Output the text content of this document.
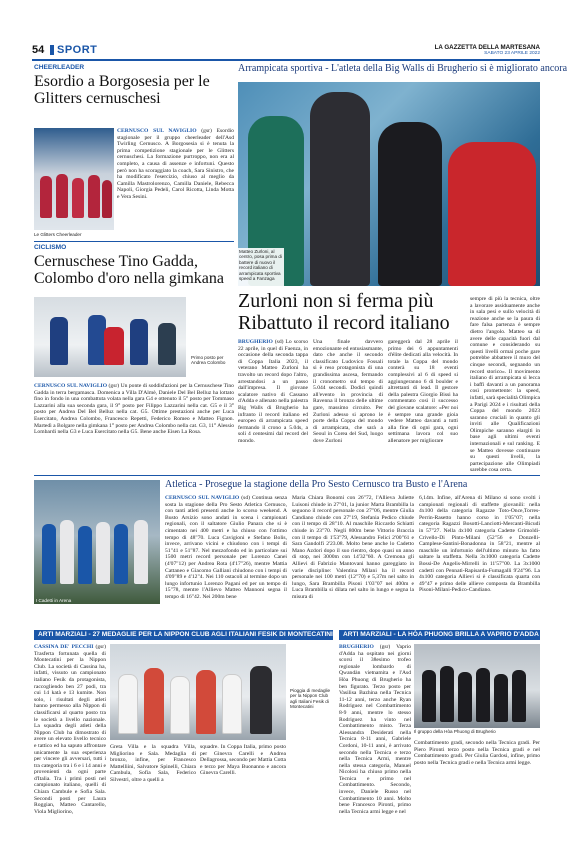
54 SPORT	LA GAZZETTA DELLA MARTESANA
SABATO 23 APRILE 2022
CHEERLEADER
Esordio a Borgosesia per le Glitters cernuschesi
Le Glitters Cheerleader
CERNUSCO SUL NAVIGLIO (gsr) Esordio stagionale per il gruppo cheerleader dell'Asd Twirling Cernusco. A Borgosesia si è tenuta la prima competizione stagionale per le Glitters cernuschesi. La formazione purtroppo, non era al completo, a causa di assenze e infortuni. Questo però non ha scoraggiato la coach, Sara Sinistro, che ha modificato l'esercizio, chiuso al meglio da Camilla Mastrolorenzo, Camilla Daniele, Rebecca Napoli, Giorgia Pedeli, Carol Ricotta, Linda Motta e Vera Sesini.
CICLISMO
Cernuschese Tino Gadda, Colombo d'oro nella gimkana
Primo posto per Andrea Colombo
CERNUSCO SUL NAVIGLIO (gsr) Un ponte di soddisfazioni per la Cernuschese Tino Gadda in terra bergamasca. Domenica a Villa D'Almè, Daniele Del Bel Belluz ha lottato fino in fondo in una combattuta volata nella gara G4 e ottenuto il 5° posto per Tommaso Lazzarini alla sua seconda gara, il 9° posto per Filippo Lazzarini nella cat. G5 e il 3° posto per Andrea Del Bel Belluz nella cat. G5. Ottime prestazioni anche per Luca Esercitato, Andrea Colombo, Francesco Repetti, Federico Romeo e Matteo Fignon. Martedì a Bolgare nella gimkana 1° posto per Andrea Colombo nella cat. G3, 11° Alessio Lombardi nella G3 e Luca Esercitato nella G5. Bene anche Eisen La Rosa.
Arrampicata sportiva - L'atleta della Big Walls di Brugherio si è migliorato ancora
Matteo Zurloni, al centro, posa prima di battere di nuovo il record italiano di arrampicata sportiva speed a Fanzaga
Zurloni non si ferma più
Ribattuto il record italiano
BRUGHERIO (sd) Lo scorso 22 aprile, in quel di Faenza, in occasione della seconda tappa di Coppa Italia 2023, il veterano Matteo Zurloni ha travolto un record dopo l'altro, arrestandosi a un passo dall'impresa. Il giovane scalatore nativo di Cassano d'Adda e allenato nella palestra Big Walls di Brugherio ha infranto il record italiano ed europeo di arrampicata speed fermando il crono a 5.04s, a soli 4 centesimi dal record del mondo.
Una finale davvero emozionante ed entusiasmante, dato che anche il secondo classificato Ludovico Fossali si è reso protagonista di una grandissima ascesa, fermando il cronometro sul tempo di 5.044 secondi. Dodici quindi all'evento in provincia di Ravenna il bronzo delle ultime gare, massimo circuito. Per Zurloni adesso si aprono le porte della Coppa del mondo di arrampicata, che sarà a Seoul in Corea del Sud, luogo dove Zurloni
gareggerà dal 28 aprile il primo dei 6 appuntamenti d'élite dedicati alla velocità. In totale la Coppa del mondo conterà su 18 eventi complessivi al 6 di speed si aggiungeranno 6 di boulder e altrettanti di lead. Il gestore della palestra Giorgio Bissi ha commentato così il successo del giovane scalatore: «Per noi è sempre una grande gioia vedere Matteo davanti a tutti alla fine di ogni gara, ogni settimana lavora col suo allenatore per migliorare
sempre di più la tecnica, oltre a lavorare assiduamente anche in sala pesi e sullo velocità di reazione anche se la paura di fare falsa partenza è sempre dietro l'angolo. Matteo sa di avere delle capacità fuori dal comune e considerando su questi livelli ormai poche gare potrebbe abbattere il muro del cinque secondi, segnando un record storico». Il movimento italiano di arrampicata si lecca i baffi davanti a un panorama così promettente: la speed, infatti, sarà specialità Olimpica a Parigi 2024 e i risultati della Coppa del mondo 2023 saranno cruciali in quanto gli inviti alle Qualificazioni Olimpiche saranno elargiti in base agli ultimi eventi internazionali e sul ranking. E se Matteo dovesse continuare su questi livelli, la partecipazione alle Olimpiadi sarebbe cosa certa.
Atletica - Prosegue la stagione della Pro Sesto Cernusco tra Busto e l'Arena
I Cadetti in Arena
CERNUSCO SUL NAVIGLIO (sd) Continua senza sosta la stagione della Pro Sesto Atletica Cernusco, con tanti atleti presenti anche lo scorso weekend. A Busto Arsizio sono andati in scena i campionati regionali, con il saltatore Giulio Panara che si è cimentato nei 400 metri e ha chiuso con l'ottimo tempo di 48"70. Luca Cavigioni e Stefano Bolis, invece, arrivano vicini e chiudono con i tempi di 51"41 e 51"87. Nel mezzofondo ed in particolare sui 1500 metri record personale per Lorenzo Canei (4'07"12) per Andrea Rota (4'17"26), mentre Mattia Cattaneo e Giacomo Galliani chiudono con i tempi di 4'09"89 e 4'12"4. Nei 110 ostacoli al termine dopo un lungo infortunio Lorenzo Pagani ed per un tempo di 15"78, mentre l'Allievo Matteo Mannoni segna il tempo di 16"42. Nei 200m bene
Maria Chiara Bonomi con 26"72, l'Allieva Juliette Luisoni chiude in 27"01, la junior Marta Brambilla la seguono il record personale con 27"06, mentre Giulia Candiano chiude con 27"19, Stefania Pedico chiude con il tempo di 28"10. Al maschile Riccardo Schiatti chiude in 23"70. Negli 800m bene Vittorio Braccia con il tempo di 1'53"79, Alessandro Felici 2'00"61 e Sara Gandolfi 2'23.08. Molto bene anche lo Cadetto Mano Azdori dopo il suo rientro, dopo quasi un anno di stop, nei 3000m con 14'32"60. A Cremona gli Allievi di Fabrizio Mantovani hanno gareggiato in varie discipline: Valentina Milani ha il record personale nei 100 metri (12"70) e 5,37m nel salto in lungo, Sara Brambilla Pisoni 1'03"07 nei 400m e Luca Brambilla si dilata nel salto in lungo e segna la misura di
6,14m. Infine, all'Arena di Milano si sono svolti i campionati regionali di staffette giovanili: nella 4x100 della categoria Ragazze Toto-Once,Torres-Perrin-Rasetto hanno corso in 1'05"07; nella categoria Ragazzi Bosotti-Lanciotti-Mercanti-Bicudi in 57"27. Nella 4x100 categoria Cadette Grimoldi-Crivello-Di Pinto-Milani (52"56 e Donzelli-Camplese-Santini-Bonadonna in 58"21, mentre al maschile un infortunio dell'ultimo minuto ha fatto saltare la staffetta. Nella 3x1000 categoria Cadette Bossi-De Angelis-Mirrelli in 11'57"00. La 3x1000 cadetti con Pennati-Rapisarda-Fumagalli 9'24"96. La 4x100 categoria Allievi si è classificata quarta con 49"47 e primo delle allieve composta da Brambilla Pisoni-Milani-Pedico-Candiano.
ARTI MARZIALI - 27 MEDAGLIE PER LA NIPPON CLUB AGLI ITALIANI FESIK DI MONTECATINI
CASSINA DE' PECCHI (gsr) Trasferta fortunata quella di Montecatini per la Nippon Club. La società di Cassina ha, infatti, vissuto un campionato italiano Fesik da protagonista, raccogliendo ben 27 podi, tra cui 14 katà e 13 kumite. Non solo, i risultati degli atleti hanno permesso alla Nippon di classificarsi al quarto posto tra le società a livello nazionale. La squadra degli atleti della Nippon Club ha dimostrato di avere un elevato livello tecnico e tattico ed ha saputo affrontare unicamente la sua esperienza per vincere gli avversari, tutti i tra categoria tra i 6 e i 14 anni e provenienti da ogni parte d'Italia. Tra i primi posti nel campionato italiano, quelli di Chiara Cambule e Sofia Sala. Secondi posti per Laura Roggian, Matteo Cantarello, Viola Migliorino,
Pioggia di medaglie per la Nippon Club agli Italiani Fesik di Montecatini
Greta Villa e la squadra Villa, Migliorino e Sala. Medaglia di bronzo, infine, per Francesco Mattelliini, Salvatore Spinelli, Chiara Cambula, Sofia Sala, Federico Silvestri, oltre a quelli a
squadre. In Coppa Italia, primo posto per Ginevra Carelli e Andrea Dellagrossa, secondo per Mattia Cotta e terzo per Maya Buonanno e ancora Ginevra Carelli.
ARTI MARZIALI - LA HÒA PHUONG BRILLA A VAPRIO D'ADDA
BRUGHERIO (gsr) Vaprio d'Adda ha ospitato nei giorni scorsi il 38esimo trofeo regionale lombardo di Qwandàn vietnamita e l'Asd Hòa Phuong di Brugherio ha ben figurato. Terzo posto per Vasilisa Bazhina nella Tecnica 11-12 anni, terzo anche Ryan Rodriguez nel Combattimento 8-9 anni, mentre lo stesso Rodriguez ha vinto nel Combattimento misto. Terza Alessandra Desiderati nella Tecnica 8-11 anni, Gabriele Cordoni, 10-11 anni, è arrivato secondo nella Tecnica e terzo nella Tecnica Armi, mentre nella stessa categoria, Manuel Nicolosi ha chiuso primo nella Tecnica e primo nel Combattimento. Secondo, invece, Daniele Russo nel Combattimento 10 anni. Molto bene Francesco Pironti, primo nella Tecnica armi legge e nel
Il gruppo della Hòa Phuong di Brugherio
Combattimento gradi, secondo nella Tecnica gradi. Per Piero Pironti terzo posto nella Tecnica gradi e nel Combattimento gradi. Per Giulia Gardosi, infine, primo posto nella Tecnica gradi e nella Tecnica armi legge.
